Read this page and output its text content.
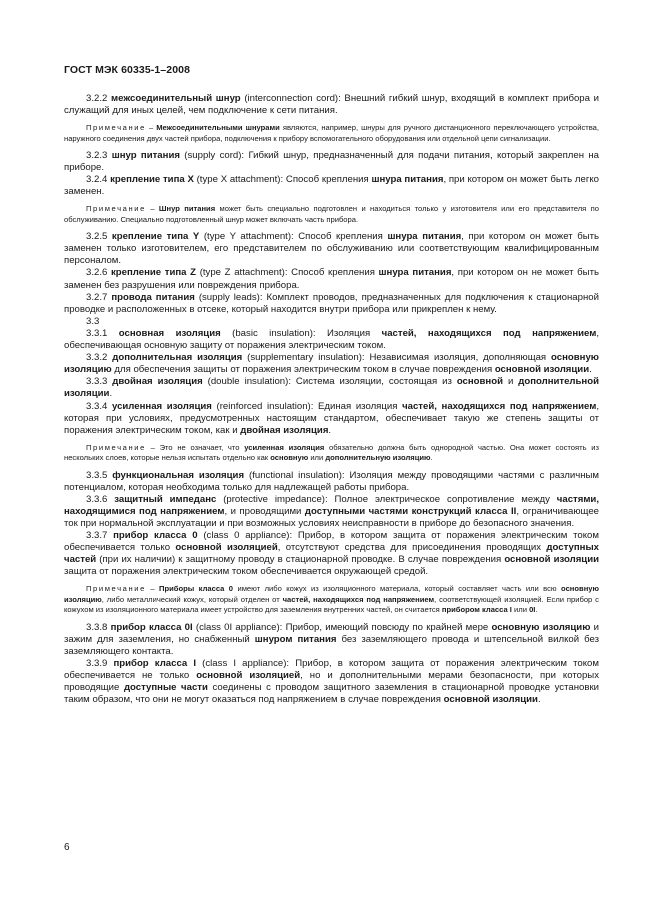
ГОСТ МЭК 60335-1–2008

3.2.2 межсоединительный шнур (interconnection cord): Внешний гибкий шнур, входящий в комплект прибора и служащий для иных целей, чем подключение к сети питания.

Примечание – Межсоединительными шнурами являются, например, шнуры для ручного дистанционного переключающего устройства, наружного соединения двух частей прибора, подключения к прибору вспомогательного оборудования или отдельной цепи сигнализации.

3.2.3 шнур питания (supply cord): Гибкий шнур, предназначенный для подачи питания, который закреплен на приборе.

3.2.4 крепление типа X (type X attachment): Способ крепления шнура питания, при котором он может быть легко заменен.

Примечание – Шнур питания может быть специально подготовлен и находиться только у изготовителя или его представителя по обслуживанию. Специально подготовленный шнур может включать часть прибора.

3.2.5 крепление типа Y (type Y attachment): Способ крепления шнура питания, при котором он может быть заменен только изготовителем, его представителем по обслуживанию или соответствующим квалифицированным персоналом.

3.2.6 крепление типа Z (type Z attachment): Способ крепления шнура питания, при котором он не может быть заменен без разрушения или повреждения прибора.

3.2.7 провода питания (supply leads): Комплект проводов, предназначенных для подключения к стационарной проводке и расположенных в отсеке, который находится внутри прибора или прикреплен к нему.

3.3

3.3.1 основная изоляция (basic insulation): Изоляция частей, находящихся под напряжением, обеспечивающая основную защиту от поражения электрическим током.

3.3.2 дополнительная изоляция (supplementary insulation): Независимая изоляция, дополняющая основную изоляцию для обеспечения защиты от поражения электрическим током в случае повреждения основной изоляции.

3.3.3 двойная изоляция (double insulation): Система изоляции, состоящая из основной и дополнительной изоляции.

3.3.4 усиленная изоляция (reinforced insulation): Единая изоляция частей, находящихся под напряжением, которая при условиях, предусмотренных настоящим стандартом, обеспечивает такую же степень защиты от поражения электрическим током, как и двойная изоляция.

Примечание – Это не означает, что усиленная изоляция обязательно должна быть однородной частью. Она может состоять из нескольких слоев, которые нельзя испытать отдельно как основную или дополнительную изоляцию.

3.3.5 функциональная изоляция (functional insulation): Изоляция между проводящими частями с различным потенциалом, которая необходима только для надлежащей работы прибора.

3.3.6 защитный импеданс (protective impedance): Полное электрическое сопротивление между частями, находящимися под напряжением, и проводящими доступными частями конструкций класса II, ограничивающее ток при нормальной эксплуатации и при возможных условиях неисправности в приборе до безопасного значения.

3.3.7 прибор класса 0 (class 0 appliance): Прибор, в котором защита от поражения электрическим током обеспечивается только основной изоляцией, отсутствуют средства для присоединения проводящих доступных частей (при их наличии) к защитному проводу в стационарной проводке. В случае повреждения основной изоляции защита от поражения электрическим током обеспечивается окружающей средой.

Примечание – Приборы класса 0 имеют либо кожух из изоляционного материала, который составляет часть или всю основную изоляцию, либо металлический кожух, который отделен от частей, находящихся под напряжением, соответствующей изоляцией. Если прибор с кожухом из изоляционного материала имеет устройство для заземления внутренних частей, он считается прибором класса I или 0I.

3.3.8 прибор класса 0I (class 0I appliance): Прибор, имеющий повсюду по крайней мере основную изоляцию и зажим для заземления, но снабженный шнуром питания без заземляющего провода и штепсельной вилкой без заземляющего контакта.

3.3.9 прибор класса I (class I appliance): Прибор, в котором защита от поражения электрическим током обеспечивается не только основной изоляцией, но и дополнительными мерами безопасности, при которых проводящие доступные части соединены с проводом защитного заземления в стационарной проводке установки таким образом, что они не могут оказаться под напряжением в случае повреждения основной изоляции.

6
